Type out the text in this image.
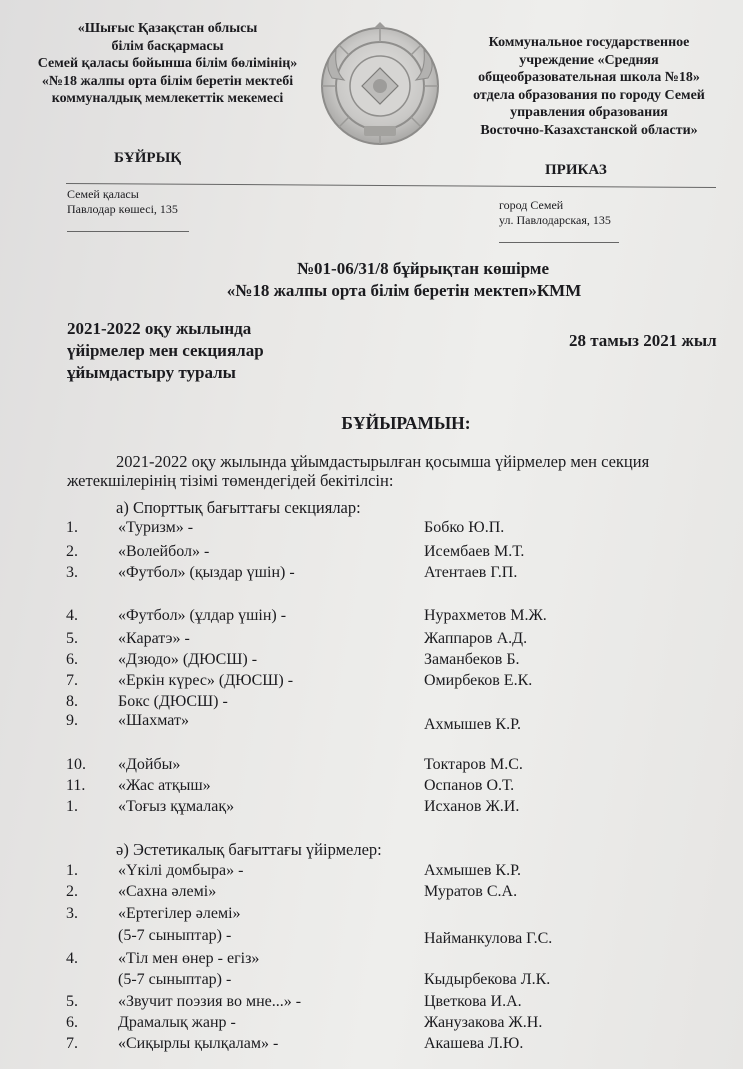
«Шығыс Қазақстан облысы
білім басқармасы
Семей қаласы бойынша білім бөлімінің»
«№18 жалпы орта білім беретін мектебі
коммуналдық мемлекеттік мекемесі
Коммунальное государственное
учреждение «Средняя
общеобразовательная школа №18»
отдела образования по городу Семей
управления образования
Восточно-Казахстанской области»
БҰЙРЫҚ
ПРИКАЗ
Семей қаласы
Павлодар көшесі, 135	город Семей
ул. Павлодарская, 135
№01-06/31/8 бұйрықтан көшірме
«№18 жалпы орта білім беретін мектеп»КММ
2021-2022 оқу жылында
үйірмелер мен секциялар
ұйымдастыру туралы
28 тамыз 2021 жыл
БҰЙЫРАМЫН:
2021-2022 оқу жылында ұйымдастырылған қосымша үйірмелер мен секция
жетекшілерінің тізімі төмендегідей бекітілсін:
а) Спорттық бағыттағы секциялар:
1.	«Туризм» -	Бобко Ю.П.
2.	«Волейбол» -	Исембаев М.Т.
3.	«Футбол» (қыздар үшін) -	Атентаев Г.П.
4.	«Футбол» (ұлдар үшін) -	Нурахметов М.Ж.
5.	«Каратэ» -	Жаппаров А.Д.
6.	«Дзюдо» (ДЮСШ) -	Заманбеков Б.
7.	«Еркін күрес» (ДЮСШ) -	Омирбеков Е.К.
8.	Бокс (ДЮСШ) -
9.	«Шахмат»	Ахмышев К.Р.
10. «Дойбы»	Токтаров М.С.
11. «Жас атқыш»	Оспанов О.Т.
1.	«Тоғыз құмалақ»	Исханов Ж.И.
ә) Эстетикалық бағыттағы үйірмелер:
1.	«Үкілі домбыра» -	Ахмышев К.Р.
2.	«Сахна әлемі»	Муратов С.А.
3.	«Ертегілер әлемі»
(5-7 сыныптар) -	Найманкулова Г.С.
4.	«Тіл мен өнер - егіз»
(5-7 сыныптар) -	Кыдырбекова Л.К.
5.	«Звучит поэзия во мне...» -	Цветкова И.А.
6.	Драмалық жанр -	Жанузакова Ж.Н.
7.	«Сиқырлы қылқалам» -	Акашева Л.Ю.
